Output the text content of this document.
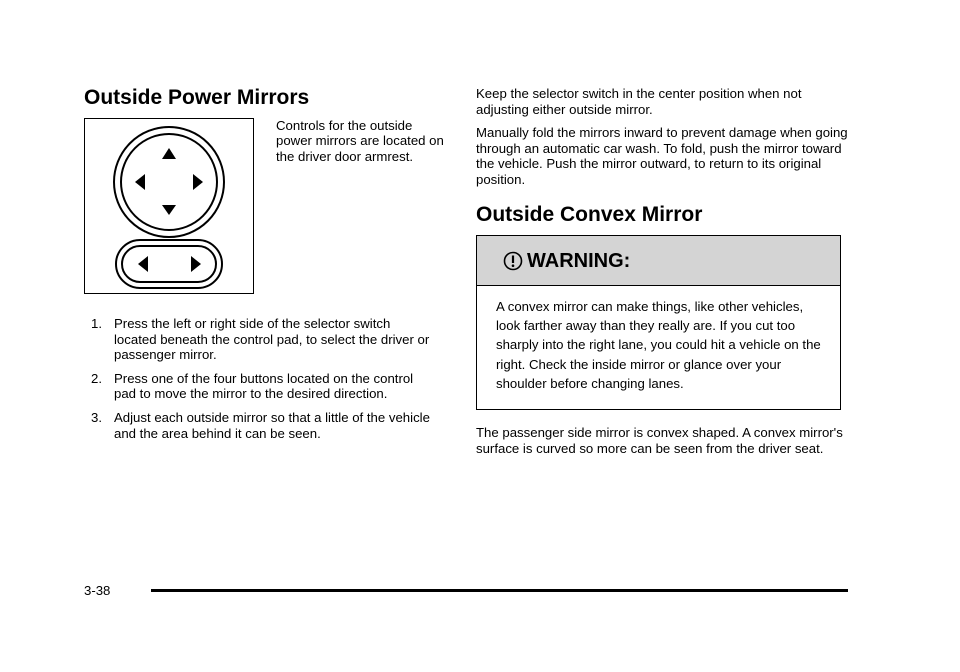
Outside Power Mirrors
Controls for the outside power mirrors are located on the driver door armrest.
1. Press the left or right side of the selector switch located beneath the control pad, to select the driver or passenger mirror.
2. Press one of the four buttons located on the control pad to move the mirror to the desired direction.
3. Adjust each outside mirror so that a little of the vehicle and the area behind it can be seen.

Keep the selector switch in the center position when not adjusting either outside mirror.

Manually fold the mirrors inward to prevent damage when going through an automatic car wash. To fold, push the mirror toward the vehicle. Push the mirror outward, to return to its original position.

Outside Convex Mirror
WARNING:
A convex mirror can make things, like other vehicles, look farther away than they really are. If you cut too sharply into the right lane, you could hit a vehicle on the right. Check the inside mirror or glance over your shoulder before changing lanes.
The passenger side mirror is convex shaped. A convex mirror's surface is curved so more can be seen from the driver seat.
3-38
